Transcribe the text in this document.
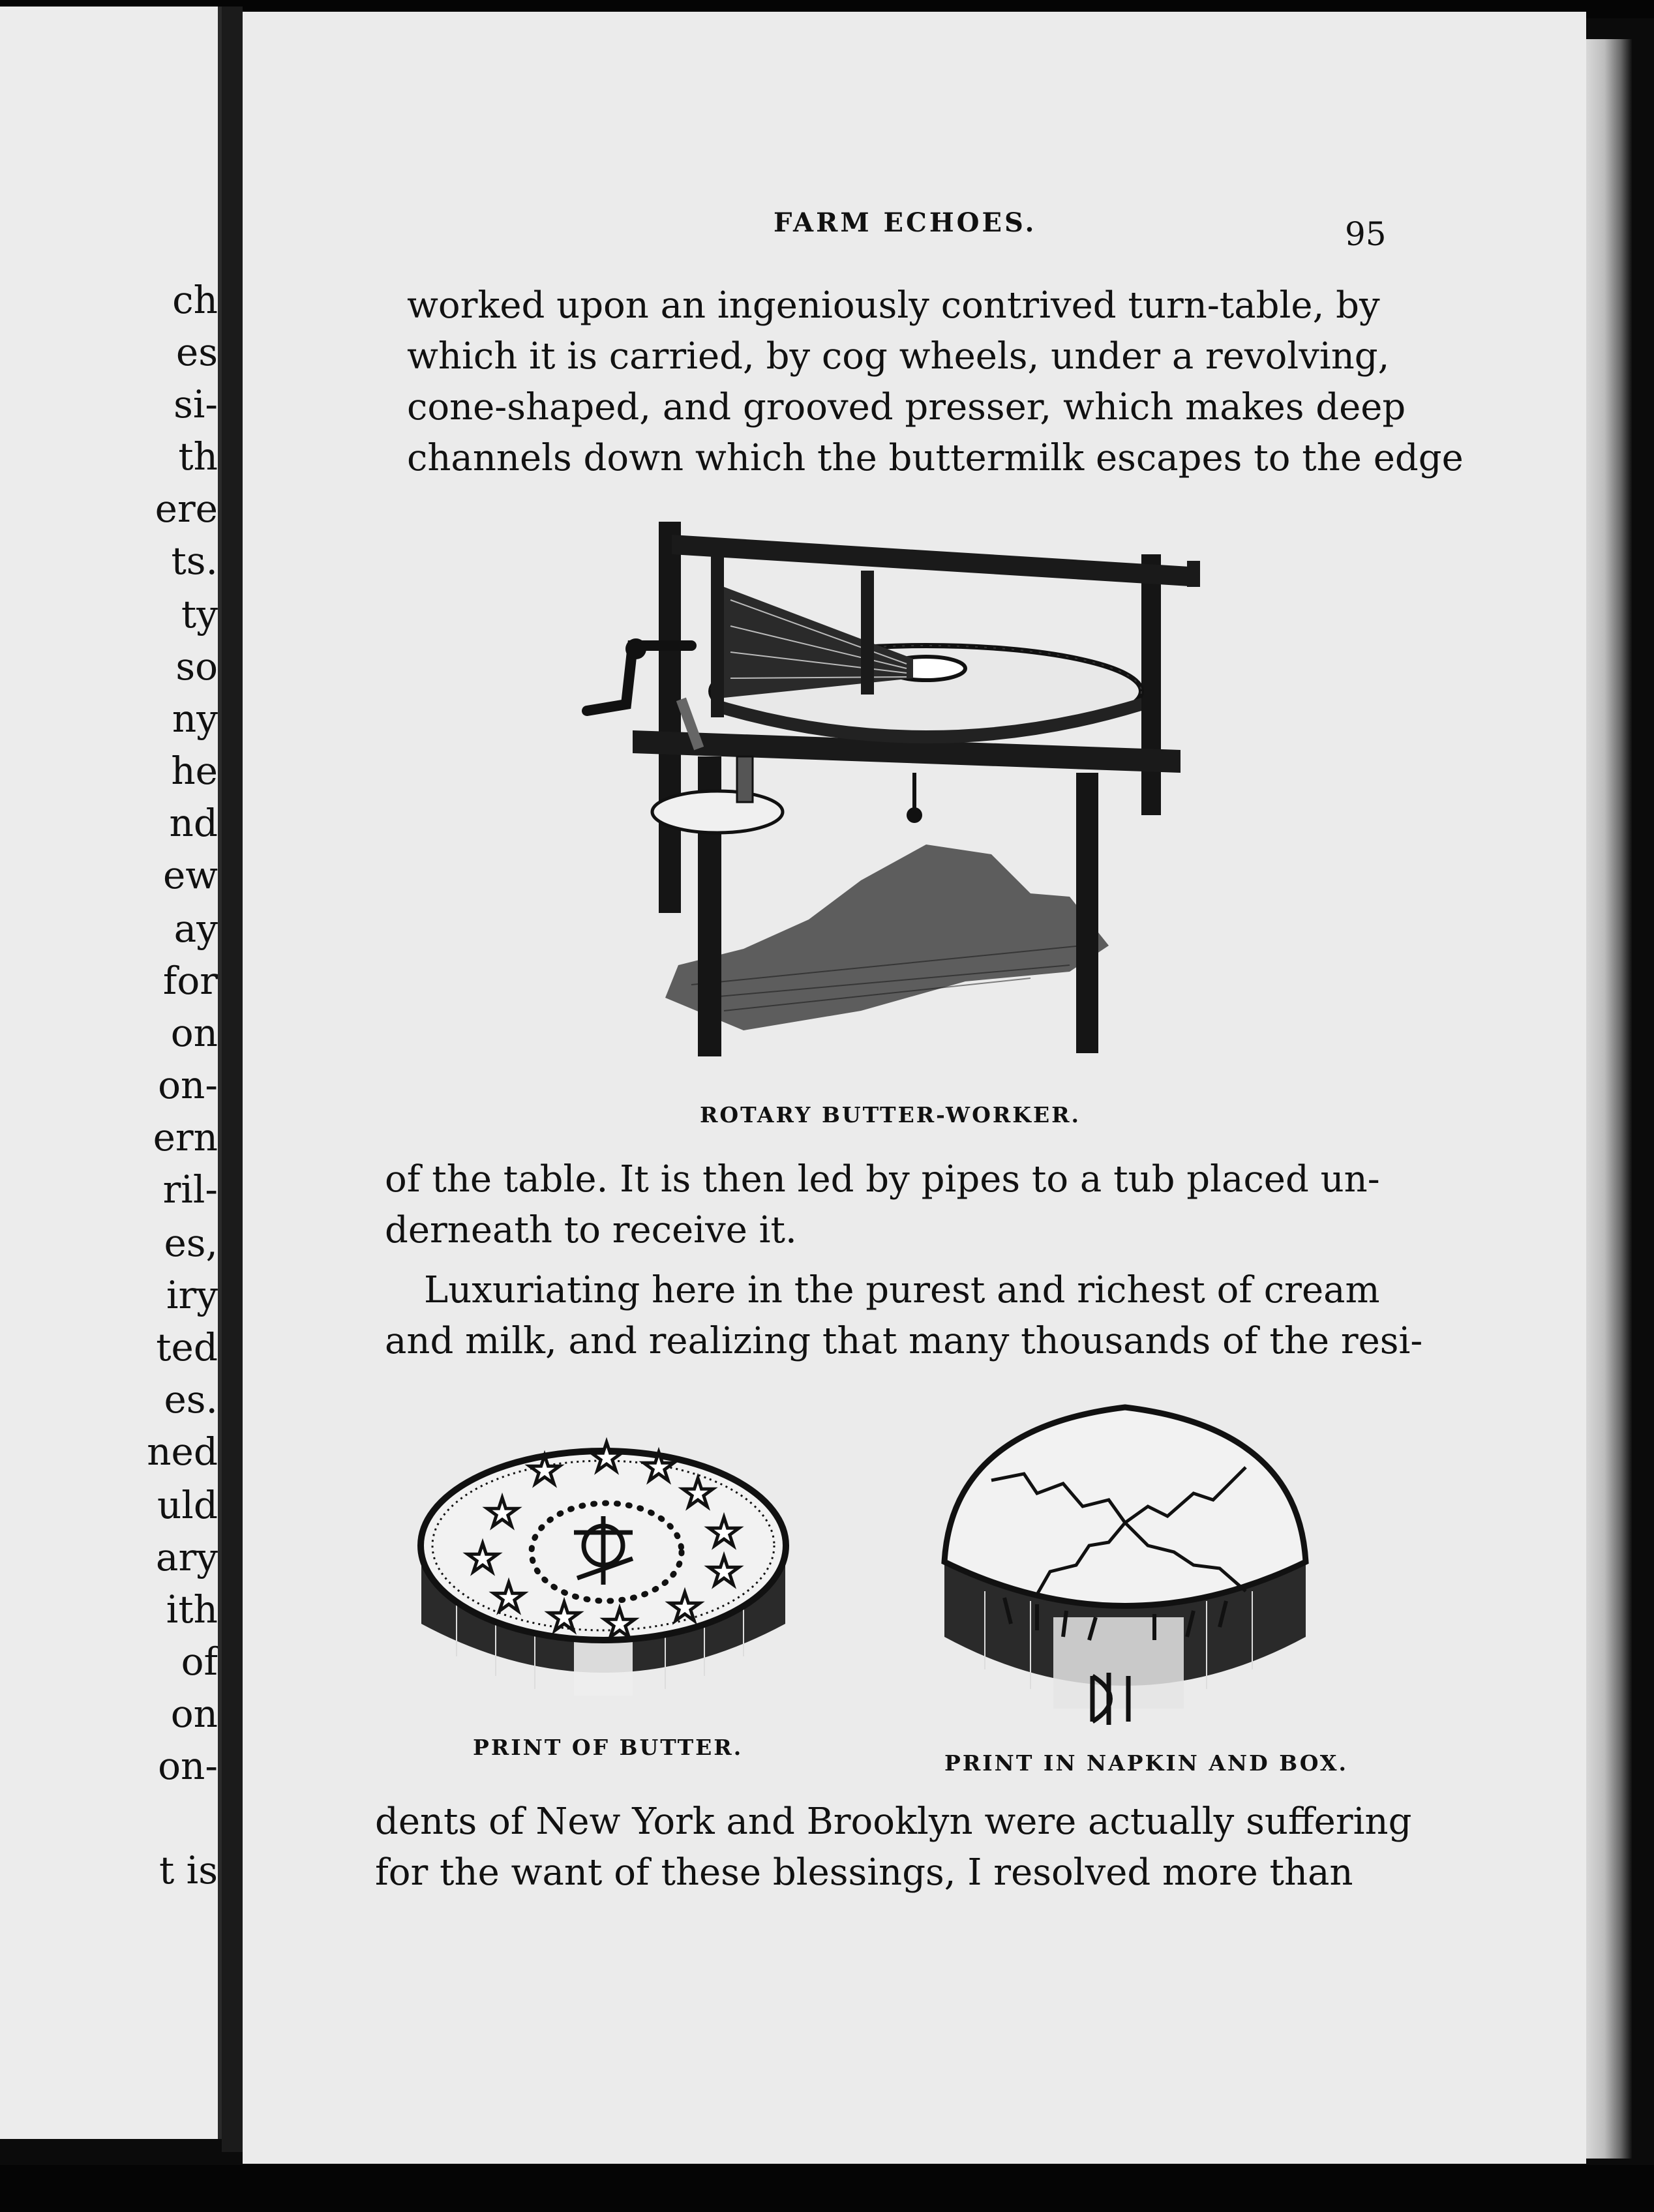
ch
es
si-
th
ere
ts.
ty
so
ny
he
nd
ew
ay
for
on
on-
ern
ril-
es,
iry
ted
es.
ned
uld
ary
ith
of
on
on-
t is
FARM ECHOES.	95
worked upon an ingeniously contrived turn-table, by
which it is carried, by cog wheels, under a revolving,
cone-shaped, and grooved presser, which makes deep
channels down which the buttermilk escapes to the edge
ROTARY BUTTER-WORKER.
of the table. It is then led by pipes to a tub placed un-
derneath to receive it.
Luxuriating here in the purest and richest of cream
and milk, and realizing that many thousands of the resi-
★ ★ ★
★
★
★
★
★
★
★
★
★
PRINT OF BUTTER.
PRINT IN NAPKIN AND BOX.
dents of New York and Brooklyn were actually suffering
for the want of these blessings, I resolved more than
